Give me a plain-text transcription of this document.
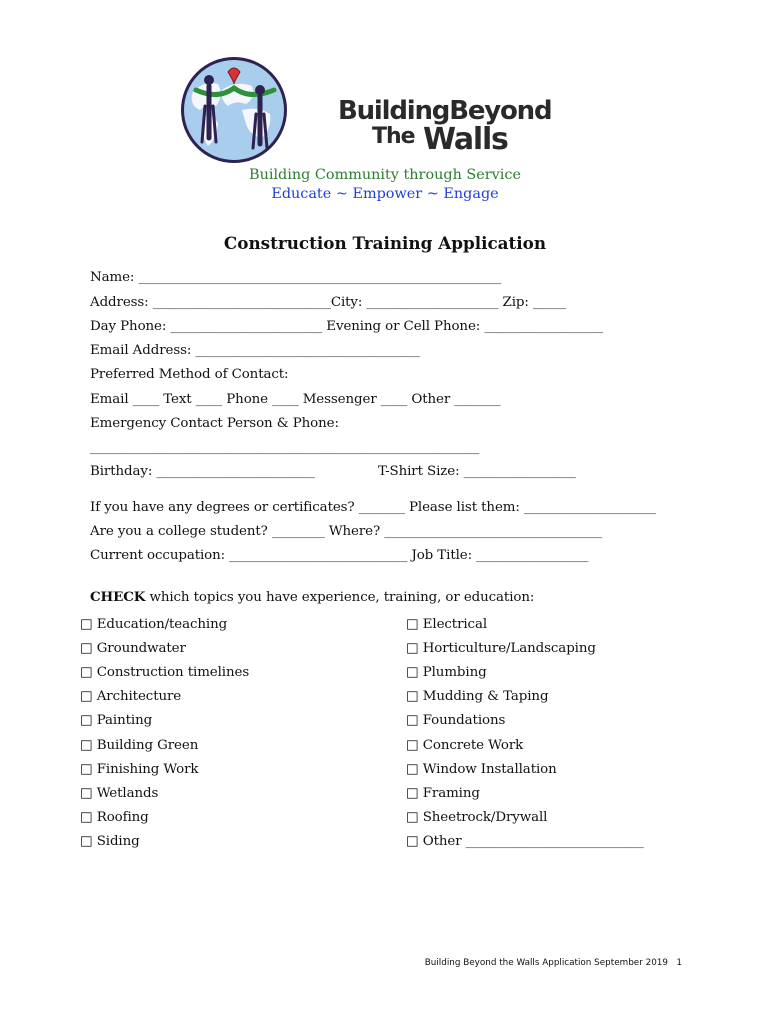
BuildingBeyond
The Walls
Building Community through Service
Educate ~ Empower ~ Engage
Construction Training Application
Name: _______________________________________________________
Address: ___________________________City: ____________________ Zip: _____
Day Phone: _______________________ Evening or Cell Phone: __________________
Email Address: __________________________________
Preferred Method of Contact:
Email ____ Text ____ Phone ____ Messenger ____ Other _______
Emergency Contact Person & Phone:
___________________________________________________________
Birthday: ________________________	T-Shirt Size: _________________
If you have any degrees or certificates? _______ Please list them: ____________________
Are you a college student? ________ Where? _________________________________
Current occupation: ___________________________ Job Title: _________________
CHECK which topics you have experience, training, or education:
□ Education/teaching
□ Groundwater
□ Construction timelines
□ Architecture
□ Painting
□ Building Green
□ Finishing Work
□ Wetlands
□ Roofing
□ Siding
□ Electrical
□ Horticulture/Landscaping
□ Plumbing
□ Mudding & Taping
□ Foundations
□ Concrete Work
□ Window Installation
□ Framing
□ Sheetrock/Drywall
□ Other ___________________________
Building Beyond the Walls Application September 2019 1
